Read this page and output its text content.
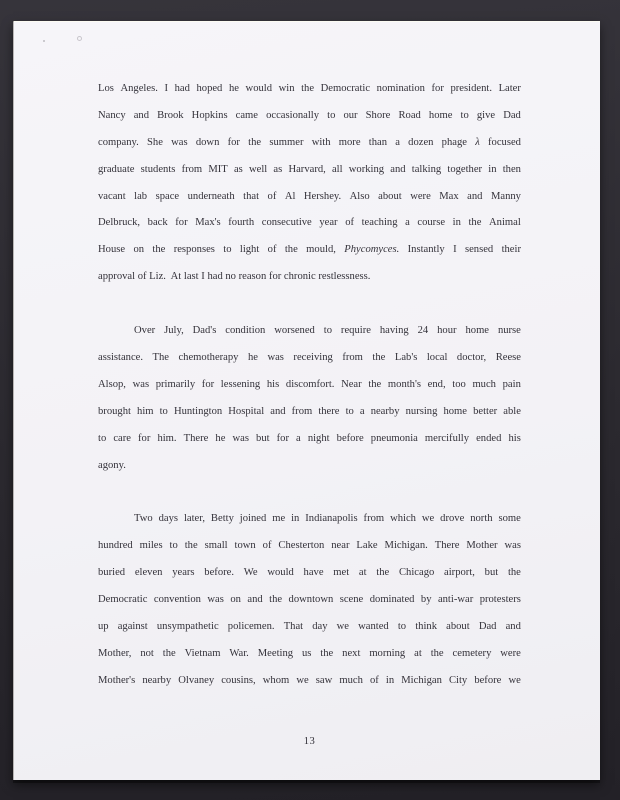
Los Angeles. I had hoped he would win the Democratic nomination for president. Later
Nancy and Brook Hopkins came occasionally to our Shore Road home to give Dad
company. She was down for the summer with more than a dozen phage λ focused
graduate students from MIT as well as Harvard, all working and talking together in then
vacant lab space underneath that of Al Hershey. Also about were Max and Manny
Delbruck, back for Max's fourth consecutive year of teaching a course in the Animal
House on the responses to light of the mould, Phycomyces. Instantly I sensed their
approval of Liz.  At last I had no reason for chronic restlessness.
Over July, Dad's condition worsened to require having 24 hour home nurse
assistance. The chemotherapy he was receiving from the Lab's local doctor, Reese
Alsop, was primarily for lessening his discomfort. Near the month's end, too much pain
brought him to Huntington Hospital and from there to a nearby nursing home better able
to care for him. There he was but for a night before pneumonia mercifully ended his
agony.
Two days later, Betty joined me in Indianapolis from which we drove north some
hundred miles to the small town of Chesterton near Lake Michigan. There Mother was
buried eleven years before. We would have met at the Chicago airport, but the
Democratic convention was on and the downtown scene dominated by anti-war protesters
up against unsympathetic policemen. That day we wanted to think about Dad and
Mother, not the Vietnam War. Meeting us the next morning at the cemetery were
Mother's nearby Olvaney cousins, whom we saw much of in Michigan City before we
13
